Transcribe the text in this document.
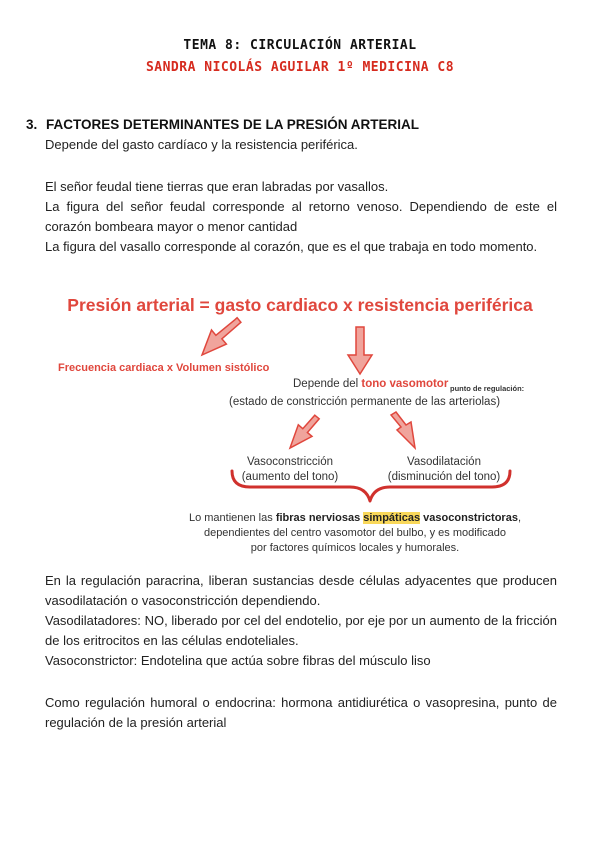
TEMA 8: CIRCULACIÓN ARTERIAL
SANDRA NICOLÁS AGUILAR 1º MEDICINA C8
3. FACTORES DETERMINANTES DE LA PRESIÓN ARTERIAL
Depende del gasto cardíaco y la resistencia periférica.
El señor feudal tiene tierras que eran labradas por vasallos.
La figura del señor feudal corresponde al retorno venoso. Dependiendo de este el corazón bombeara mayor o menor cantidad
La figura del vasallo corresponde al corazón, que es el que trabaja en todo momento.
Presión arterial = gasto cardiaco x resistencia periférica
Frecuencia cardiaca x Volumen sistólico
Depende del tono vasomotor punto de regulación:
(estado de constricción permanente de las arteriolas)
Vasoconstricción
(aumento del tono)
Vasodilatación
(disminución del tono)
Lo mantienen las fibras nerviosas simpáticas vasoconstrictoras,
dependientes del centro vasomotor del bulbo, y es modificado
por factores químicos locales y humorales.
En la regulación paracrina, liberan sustancias desde células adyacentes que producen vasodilatación o vasoconstricción dependiendo.
Vasodilatadores: NO, liberado por cel del endotelio, por eje por un aumento de la fricción de los eritrocitos en las células endoteliales.
Vasoconstrictor: Endotelina que actúa sobre fibras del músculo liso
Como regulación humoral o endocrina: hormona antidiurética o vasopresina, punto de regulación de la presión arterial
